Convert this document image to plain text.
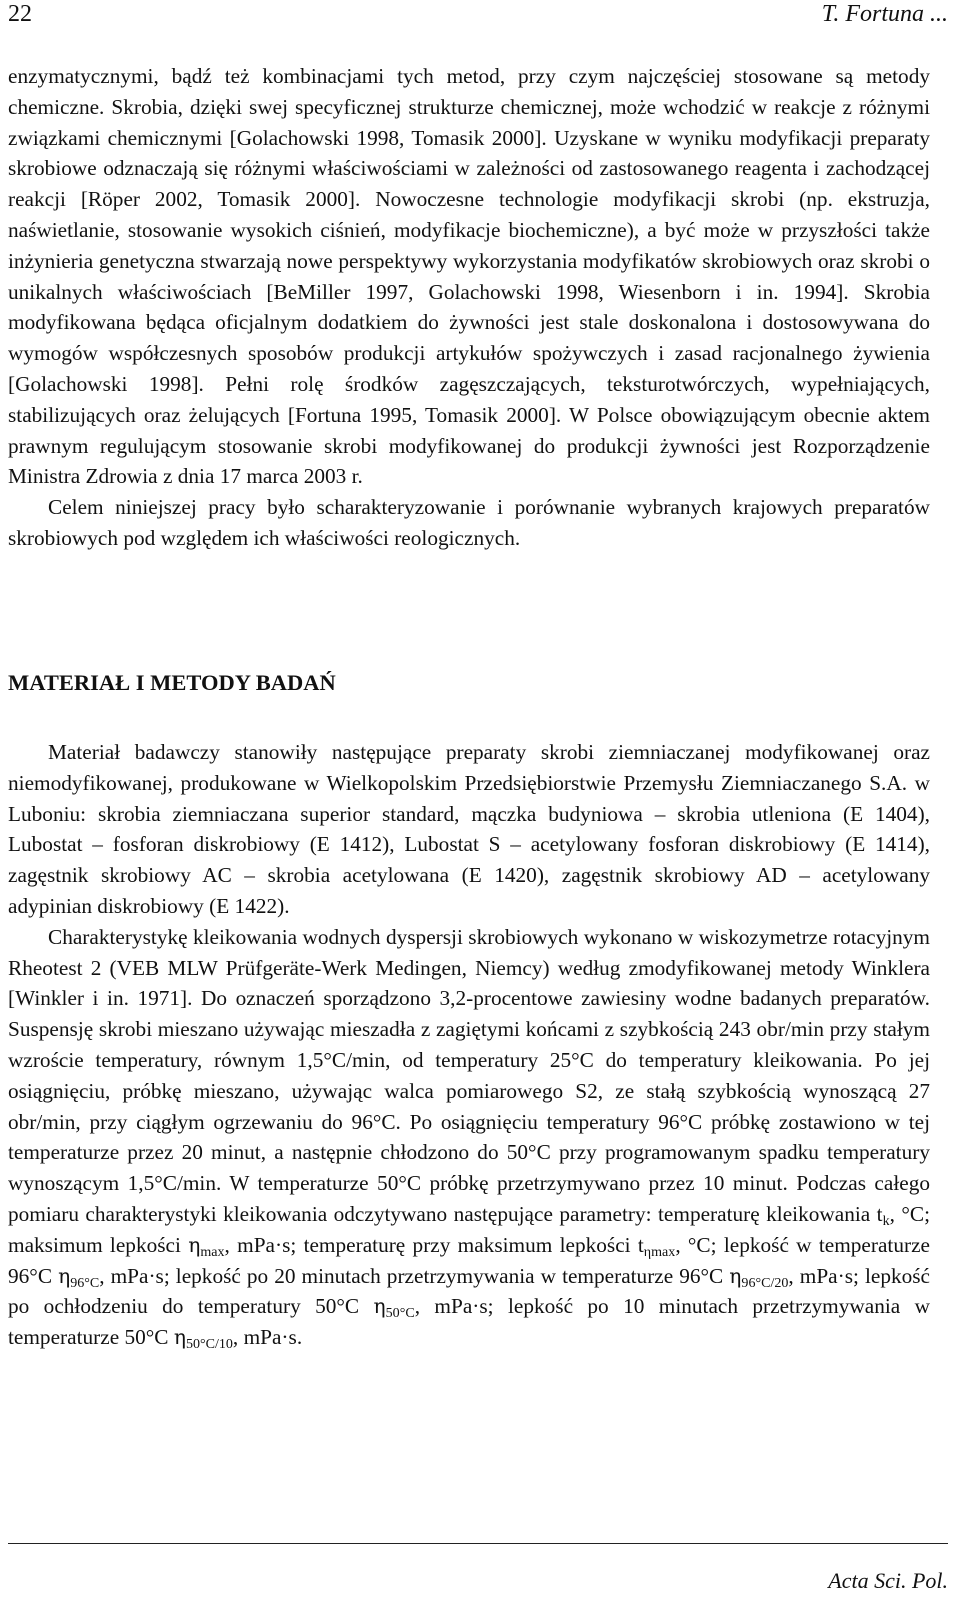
22	T. Fortuna ...

enzymatycznymi, bądź też kombinacjami tych metod, przy czym najczęściej stosowane są metody chemiczne. Skrobia, dzięki swej specyficznej strukturze chemicznej, może wchodzić w reakcje z różnymi związkami chemicznymi [Golachowski 1998, Tomasik 2000]. Uzyskane w wyniku modyfikacji preparaty skrobiowe odznaczają się różnymi właściwościami w zależności od zastosowanego reagenta i zachodzącej reakcji [Röper 2002, Tomasik 2000]. Nowoczesne technologie modyfikacji skrobi (np. ekstruzja, naświetlanie, stosowanie wysokich ciśnień, modyfikacje biochemiczne), a być może w przyszłości także inżynieria genetyczna stwarzają nowe perspektywy wykorzystania modyfikatów skrobiowych oraz skrobi o unikalnych właściwościach [BeMiller 1997, Golachowski 1998, Wiesenborn i in. 1994]. Skrobia modyfikowana będąca oficjalnym dodatkiem do żywności jest stale doskonalona i dostosowywana do wymogów współczesnych sposobów produkcji artykułów spożywczych i zasad racjonalnego żywienia [Golachowski 1998]. Pełni rolę środków zagęszczających, teksturotwórczych, wypełniających, stabilizujących oraz żelujących [Fortuna 1995, Tomasik 2000]. W Polsce obowiązującym obecnie aktem prawnym regulującym stosowanie skrobi modyfikowanej do produkcji żywności jest Rozporządzenie Ministra Zdrowia z dnia 17 marca 2003 r.

Celem niniejszej pracy było scharakteryzowanie i porównanie wybranych krajowych preparatów skrobiowych pod względem ich właściwości reologicznych.

MATERIAŁ I METODY BADAŃ

Materiał badawczy stanowiły następujące preparaty skrobi ziemniaczanej modyfikowanej oraz niemodyfikowanej, produkowane w Wielkopolskim Przedsiębiorstwie Przemysłu Ziemniaczanego S.A. w Luboniu: skrobia ziemniaczana superior standard, mączka budyniowa – skrobia utleniona (E 1404), Lubostat – fosforan diskrobiowy (E 1412), Lubostat S – acetylowany fosforan diskrobiowy (E 1414), zagęstnik skrobiowy AC – skrobia acetylowana (E 1420), zagęstnik skrobiowy AD – acetylowany adypinian diskrobiowy (E 1422).

Charakterystykę kleikowania wodnych dyspersji skrobiowych wykonano w wiskozymetrze rotacyjnym Rheotest 2 (VEB MLW Prüfgeräte-Werk Medingen, Niemcy) według zmodyfikowanej metody Winklera [Winkler i in. 1971]. Do oznaczeń sporządzono 3,2-procentowe zawiesiny wodne badanych preparatów. Suspensję skrobi mieszano używając mieszadła z zagiętymi końcami z szybkością 243 obr/min przy stałym wzroście temperatury, równym 1,5°C/min, od temperatury 25°C do temperatury kleikowania. Po jej osiągnięciu, próbkę mieszano, używając walca pomiarowego S2, ze stałą szybkością wynoszącą 27 obr/min, przy ciągłym ogrzewaniu do 96°C. Po osiągnięciu temperatury 96°C próbkę zostawiono w tej temperaturze przez 20 minut, a następnie chłodzono do 50°C przy programowanym spadku temperatury wynoszącym 1,5°C/min. W temperaturze 50°C próbkę przetrzymywano przez 10 minut. Podczas całego pomiaru charakterystyki kleikowania odczytywano następujące parametry: temperaturę kleikowania $t_k$, °C; maksimum lepkości $\eta_{max}$, mPa·s; temperaturę przy maksimum lepkości $t_{\eta max}$, °C; lepkość w temperaturze 96°C $\eta_{96^\circ C}$, mPa·s; lepkość po 20 minutach przetrzymywania w temperaturze 96°C $\eta_{96^\circ C/20}$, mPa·s; lepkość po ochłodzeniu do temperatury 50°C $\eta_{50^\circ C}$, mPa·s; lepkość po 10 minutach przetrzymywania w temperaturze 50°C $\eta_{50^\circ C/10}$, mPa·s.

Acta Sci. Pol.
